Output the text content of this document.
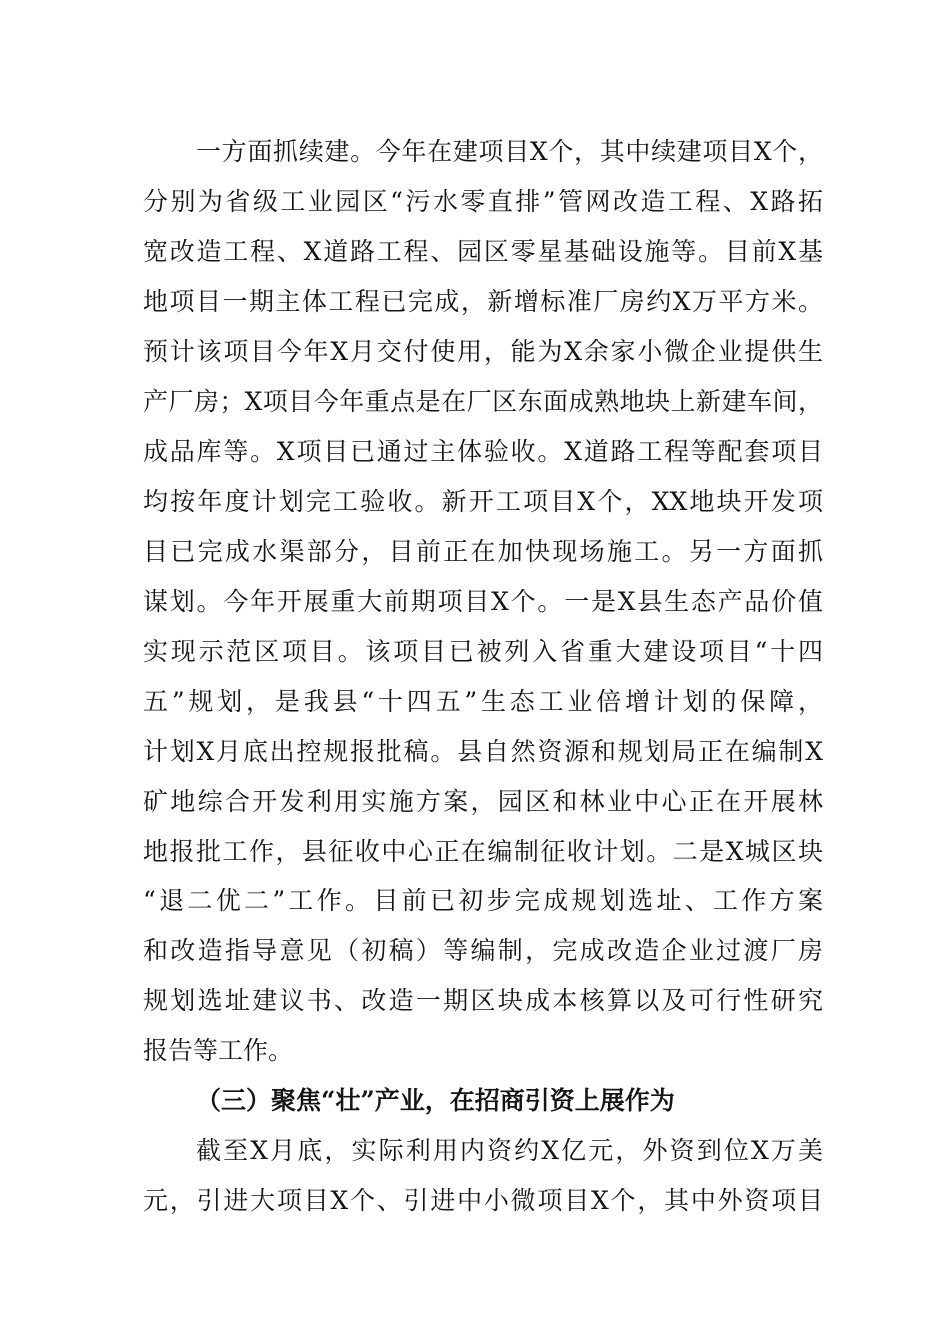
一方面抓续建。今年在建项目X个，其中续建项目X个，
分别为省级工业园区“污水零直排”管网改造工程、X路拓
宽改造工程、X道路工程、园区零星基础设施等。目前X基
地项目一期主体工程已完成，新增标准厂房约X万平方米。
预计该项目今年X月交付使用，能为X余家小微企业提供生
产厂房；X项目今年重点是在厂区东面成熟地块上新建车间，
成品库等。X项目已通过主体验收。X道路工程等配套项目
均按年度计划完工验收。新开工项目X个，XX地块开发项
目已完成水渠部分，目前正在加快现场施工。另一方面抓
谋划。今年开展重大前期项目X个。一是X县生态产品价值
实现示范区项目。该项目已被列入省重大建设项目“十四
五”规划，是我县“十四五”生态工业倍增计划的保障，
计划X月底出控规报批稿。县自然资源和规划局正在编制X
矿地综合开发利用实施方案，园区和林业中心正在开展林
地报批工作，县征收中心正在编制征收计划。二是X城区块
“退二优二”工作。目前已初步完成规划选址、工作方案
和改造指导意见（初稿）等编制，完成改造企业过渡厂房
规划选址建议书、改造一期区块成本核算以及可行性研究
报告等工作。
（三）聚焦“壮”产业，在招商引资上展作为
截至X月底，实际利用内资约X亿元，外资到位X万美
元，引进大项目X个、引进中小微项目X个，其中外资项目
